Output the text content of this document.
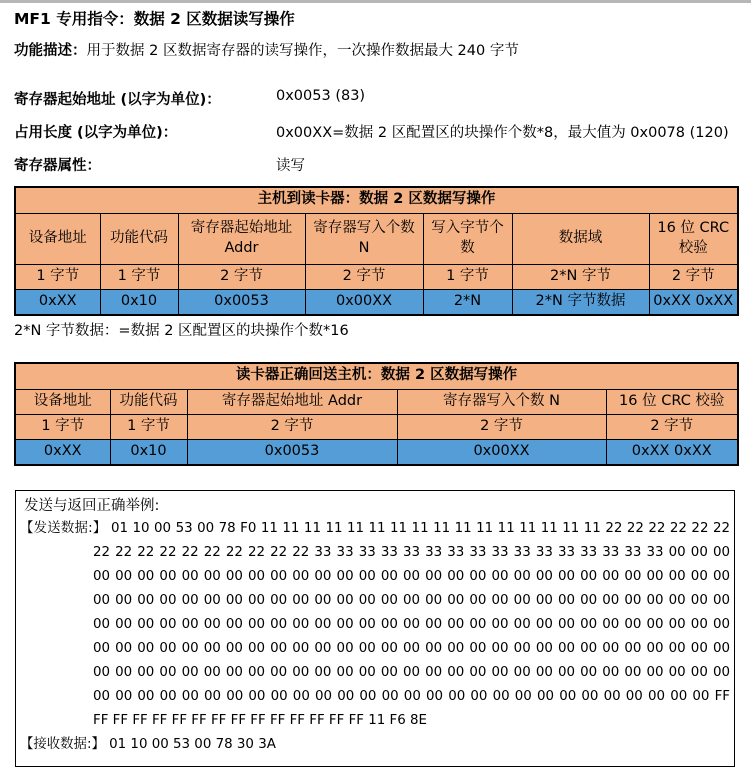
MF1 专用指令：数据 2 区数据读写操作
功能描述：用于数据 2 区数据寄存器的读写操作，一次操作数据最大 240 字节
寄存器起始地址 (以字为单位)：	0x0053 (83)
占用长度 (以字为单位)：	0x00XX=数据 2 区配置区的块操作个数*8，最大值为 0x0078 (120)
寄存器属性：	读写
主机到读卡器：数据 2 区数据写操作						
设备地址	功能代码	寄存器起始地址 Addr	寄存器写入个数 N	写入字节个数	数据域	16 位 CRC 校验
1 字节	1 字节	2 字节	2 字节	1 字节	2*N 字节	2 字节
0xXX	0x10	0x0053	0x00XX	2*N	2*N 字节数据	0xXX 0xXX
2*N 字节数据：=数据 2 区配置区的块操作个数*16
读卡器正确回送主机：数据 2 区数据写操作				
设备地址	功能代码	寄存器起始地址 Addr	寄存器写入个数 N	16 位 CRC 校验
1 字节	1 字节	2 字节	2 字节	2 字节
0xXX	0x10	0x0053	0x00XX	0xXX 0xXX
发送与返回正确举例:
【发送数据:】 01 10 00 53 00 78 F0 11 11 11 11 11 11 11 11 11 11 11 11 11 11 11 11 22 22 22 22 22 22
22 22 22 22 22 22 22 22 22 22 33 33 33 33 33 33 33 33 33 33 33 33 33 33 33 33 00 00 00
00 00 00 00 00 00 00 00 00 00 00 00 00 00 00 00 00 00 00 00 00 00 00 00 00 00 00 00 00
00 00 00 00 00 00 00 00 00 00 00 00 00 00 00 00 00 00 00 00 00 00 00 00 00 00 00 00 00
00 00 00 00 00 00 00 00 00 00 00 00 00 00 00 00 00 00 00 00 00 00 00 00 00 00 00 00 00
00 00 00 00 00 00 00 00 00 00 00 00 00 00 00 00 00 00 00 00 00 00 00 00 00 00 00 00 00
00 00 00 00 00 00 00 00 00 00 00 00 00 00 00 00 00 00 00 00 00 00 00 00 00 00 00 00 00
00 00 00 00 00 00 00 00 00 00 00 00 00 00 00 00 00 00 00 00 00 00 00 00 00 00 00 00 FF
FF FF FF FF FF FF FF FF FF FF FF FF FF FF 11 F6 8E
【接收数据:】 01 10 00 53 00 78 30 3A
